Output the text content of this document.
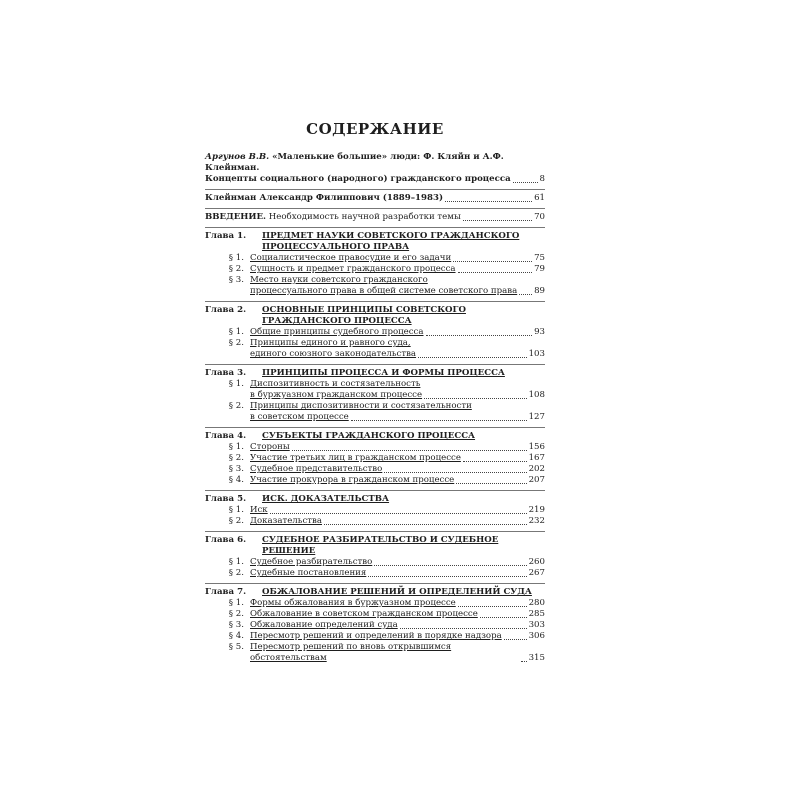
СОДЕРЖАНИЕ
Аргунов В.В. «Маленькие большие» люди: Ф. Кляйн и А.Ф. Клейнман.
Концепты социального (народного) гражданского процесса	8
Клейнман Александр Филиппович (1889–1983)	61
ВВЕДЕНИЕ. Необходимость научной разработки темы	70
Глава 1.	ПРЕДМЕТ НАУКИ СОВЕТСКОГО ГРАЖДАНСКОГО ПРОЦЕССУАЛЬНОГО ПРАВА
§ 1. Социалистическое правосудие и его задачи	75
§ 2. Сущность и предмет гражданского процесса	79
§ 3. Место науки советского гражданского
процессуального права в общей системе советского права 89
Глава 2.	ОСНОВНЫЕ ПРИНЦИПЫ СОВЕТСКОГО ГРАЖДАНСКОГО ПРОЦЕССА
§ 1. Общие принципы судебного процесса	93
§ 2. Принципы единого и равного суда,
единого союзного законодательства	103
Глава 3.	ПРИНЦИПЫ ПРОЦЕССА И ФОРМЫ ПРОЦЕССА
§ 1. Диспозитивность и состязательность
в буржуазном гражданском процессе	108
§ 2. Принципы диспозитивности и состязательности
в советском процессе	127
Глава 4.	СУБЪЕКТЫ ГРАЖДАНСКОГО ПРОЦЕССА
§ 1. Стороны	156
§ 2. Участие третьих лиц в гражданском процессе	167
§ 3. Судебное представительство	202
§ 4. Участие прокурора в гражданском процессе	207
Глава 5.	ИСК. ДОКАЗАТЕЛЬСТВА
§ 1. Иск	219
§ 2. Доказательства	232
Глава 6.	СУДЕБНОЕ РАЗБИРАТЕЛЬСТВО И СУДЕБНОЕ РЕШЕНИЕ
§ 1. Судебное разбирательство	260
§ 2. Судебные постановления	267
Глава 7.	ОБЖАЛОВАНИЕ РЕШЕНИЙ И ОПРЕДЕЛЕНИЙ СУДА
§ 1. Формы обжалования в буржуазном процессе	280
§ 2. Обжалование в советском гражданском процессе	285
§ 3. Обжалование определений суда	303
§ 4. Пересмотр решений и определений в порядке надзора	306
§ 5. Пересмотр решений по вновь открывшимся обстоятельствам	315
